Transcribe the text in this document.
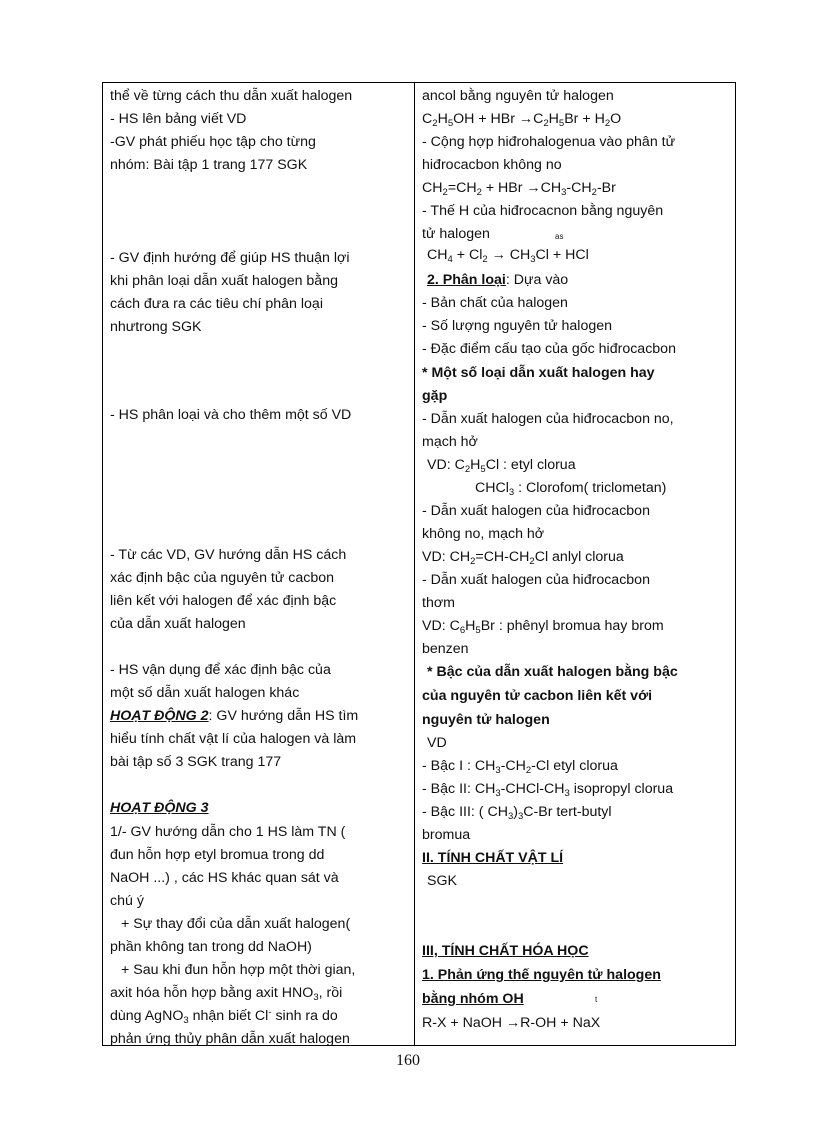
thể về từng cách thu dẫn xuất halogen
- HS lên bảng viết VD
-GV phát phiếu học tập cho từng
nhóm: Bài tập 1 trang 177 SGK
- GV định hướng để giúp HS thuận lợi
khi phân loại dẫn xuất halogen bằng
cách đưa ra các tiêu chí phân loại
nhưtrong SGK
- HS phân loại và cho thêm một số VD
- Từ các VD, GV hướng dẫn HS cách
xác định bậc của nguyên tử cacbon
liên kết với halogen để xác định bậc
của dẫn xuất halogen
- HS vận dụng để xác định bậc của
một số dẫn xuất halogen khác
HOẠT ĐỘNG 2: GV hướng dẫn HS tìm
hiểu tính chất vật lí của halogen và làm
bài tập số 3 SGK trang 177
HOẠT ĐỘNG 3
1/- GV hướng dẫn cho 1 HS làm TN (
đun hỗn hợp etyl bromua trong dd
NaOH ...) , các HS khác quan sát và
chú ý
+ Sự thay đổi của dẫn xuất halogen(
phần không tan trong dd NaOH)
+ Sau khi đun hỗn hợp một thời gian,
axit hóa hỗn hợp bằng axit $HNO_3$, rồi
dùng AgNO$_3$ nhận biết Cl- sinh ra do
phản ứng thủy phân dẫn xuất halogen
ancol bằng nguyên tử halogen
$C_2H_5OH$ + HBr $\to C_2H_5Br + H_2O$
- Cộng hợp hiđrohalogenua vào phân tử
hiđrocacbon không no
$CH_2=CH_2$ + HBr $\to CH_3-CH_2-Br$
- Thế H của hiđrocacnon bằng nguyên
tử halogen	as
$CH_4 + Cl_2 \to CH_3Cl$ + HCl
2. Phân loại: Dựa vào
- Bản chất của halogen
- Số lượng nguyên tử halogen
- Đặc điểm cấu tạo của gốc hiđrocacbon
* Một số loại dẫn xuất halogen hay
gặp
- Dẫn xuất halogen của hiđrocacbon no,
mạch hở
VD: $C_2H_5Cl$ : etyl clorua
CHCl$_3$ : Clorofom( triclometan)
- Dẫn xuất halogen của hiđrocacbon
không no, mạch hở
VD: $CH_2=CH-CH_2Cl$ anlyl clorua
- Dẫn xuất halogen của hiđrocacbon
thơm
VD: $C_6H_5Br$ : phênyl bromua hay brom
benzen
* Bậc của dẫn xuất halogen bằng bậc
của nguyên tử cacbon liên kết với
nguyên tử halogen
VD
- Bậc I : $CH_3-CH_2-Cl$ etyl clorua
- Bậc II: $CH_3-CHCl-CH_3$ isopropyl clorua
- Bậc III: ( $CH_3)_3C-Br$ tert-butyl
bromua
II. TÍNH CHẤT VẬT LÍ
SGK
III, TÍNH CHẤT HÓA HỌC
1. Phản ứng thế nguyên tử halogen
bằng nhóm OH	t
R-X + NaOH →R-OH + NaX
160
